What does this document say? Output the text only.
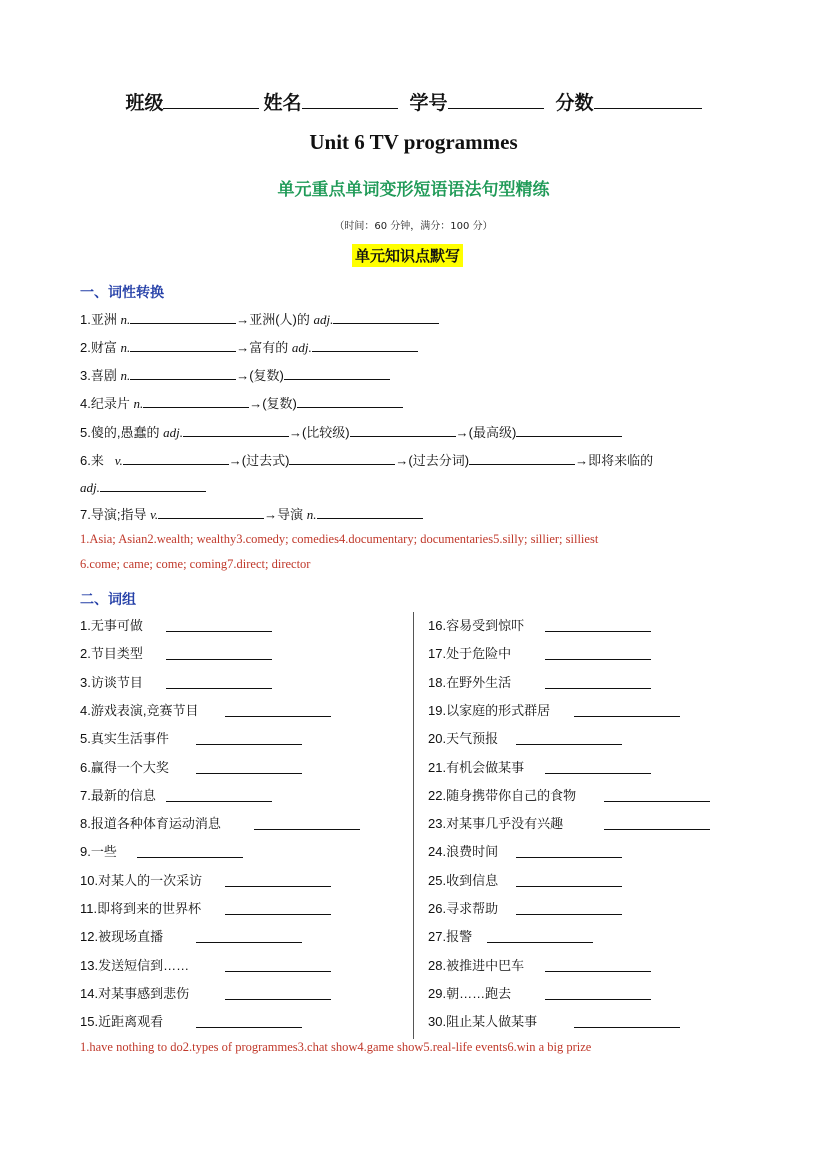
班级	姓名	学号	分数
Unit 6 TV programmes
单元重点单词变形短语语法句型精练
（时间：60 分钟，满分：100 分）
单元知识点默写
一、词性转换
1.亚洲 n.	→亚洲(人)的 adj.
2.财富 n.	→富有的 adj.
3.喜剧 n.	→(复数)
4.纪录片 n.	→(复数)
5.傻的,愚蠢的 adj.	→(比较级)	→(最高级)
6.来 v.	→(过去式)	→(过去分词)	→即将来临的
adj.
7.导演;指导 v.	→导演 n.
1.Asia; Asian2.wealth; wealthy3.comedy; comedies4.documentary; documentaries5.silly; sillier; silliest
6.come; came; come; coming7.direct; director
二、词组
1.无事可做
2.节目类型
3.访谈节目
4.游戏表演,竞赛节目
5.真实生活事件
6.赢得一个大奖
7.最新的信息
8.报道各种体育运动消息
9.一些
10.对某人的一次采访
11.即将到来的世界杯
12.被现场直播
13.发送短信到……
14.对某事感到悲伤
15.近距离观看
16.容易受到惊吓
17.处于危险中
18.在野外生活
19.以家庭的形式群居
20.天气预报
21.有机会做某事
22.随身携带你自己的食物
23.对某事几乎没有兴趣
24.浪费时间
25.收到信息
26.寻求帮助
27.报警
28.被推进中巴车
29.朝……跑去
30.阻止某人做某事
1.have nothing to do2.types of programmes3.chat show4.game show5.real-life events6.win a big prize
